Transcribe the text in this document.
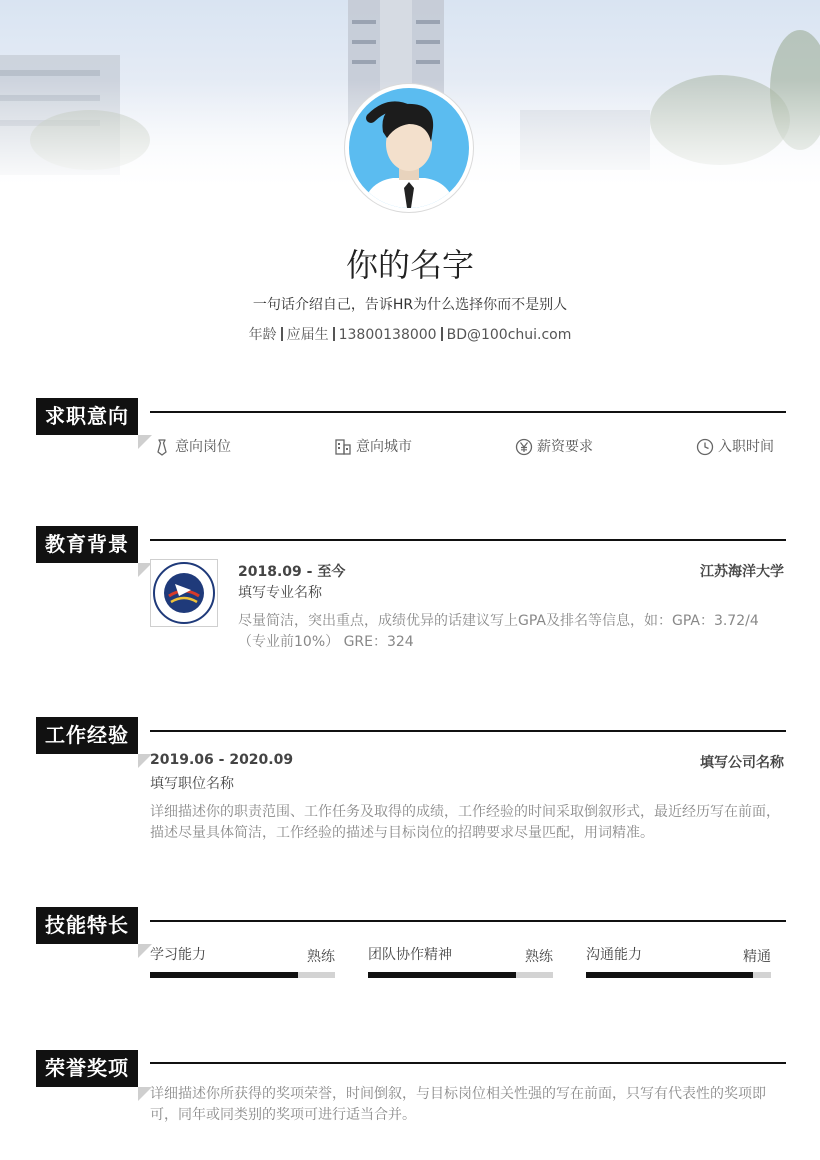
你的名字
一句话介绍自己，告诉HR为什么选择你而不是别人
年龄 应届生 13800138000 BD@100chui.com
求职意向
意向岗位	意向城市	薪资要求	入职时间
教育背景
2018.09 - 至今	江苏海洋大学
填写专业名称
尽量简洁，突出重点，成绩优异的话建议写上GPA及排名等信息，如：GPA：3.72/4（专业前10%） GRE：324
工作经验
2019.06 - 2020.09	填写公司名称
填写职位名称
详细描述你的职责范围、工作任务及取得的成绩，工作经验的时间采取倒叙形式，最近经历写在前面，描述尽量具体简洁，工作经验的描述与目标岗位的招聘要求尽量匹配，用词精准。
技能特长
学习能力	熟练 团队协作精神	熟练 沟通能力	精通
荣誉奖项
详细描述你所获得的奖项荣誉，时间倒叙，与目标岗位相关性强的写在前面，只写有代表性的奖项即可，同年或同类别的奖项可进行适当合并。
